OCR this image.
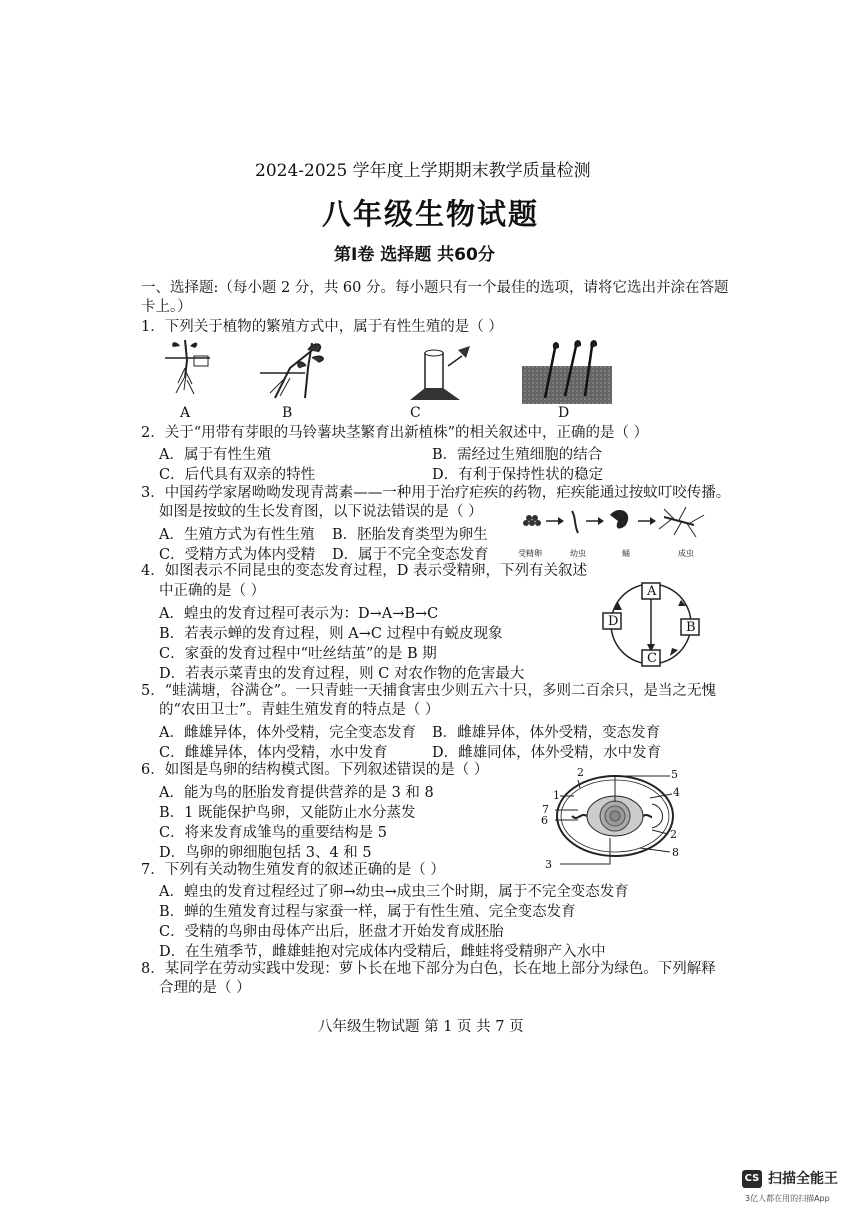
2024-2025 学年度上学期期末教学质量检测
八年级生物试题
第Ⅰ卷 选择题 共60分
一、选择题:（每小题 2 分，共 60 分。每小题只有一个最佳的选项，请将它选出并涂在答题
卡上。）
1．下列关于植物的繁殖方式中，属于有性生殖的是（ ）
A	B	C	D
2．关于“用带有芽眼的马铃薯块茎繁育出新植株”的相关叙述中，正确的是（ ）
A．属于有性生殖	B．需经过生殖细胞的结合
C．后代具有双亲的特性	D．有利于保持性状的稳定
3．中国药学家屠呦呦发现青蒿素——一种用于治疗疟疾的药物，疟疾能通过按蚊叮咬传播。
如图是按蚊的生长发育图，以下说法错误的是（ ）
A．生殖方式为有性生殖 B．胚胎发育类型为卵生
C．受精方式为体内受精 D．属于不完全变态发育	受精卵	幼虫	蛹	成虫
4．如图表示不同昆虫的变态发育过程，D 表示受精卵，下列有关叙述
中正确的是（ ）
A．蝗虫的发育过程可表示为：D→A→B→C
B．若表示蝉的发育过程，则 A→C 过程中有蜕皮现象
C．家蚕的发育过程中“吐丝结茧”的是 B 期
D．若表示菜青虫的发育过程，则 C 对农作物的危害最大
A
B
C
D
5．“蛙满塘，谷满仓”。一只青蛙一天捕食害虫少则五六十只，多则二百余只，是当之无愧
的“农田卫士”。青蛙生殖发育的特点是（ ）
A．雌雄异体，体外受精，完全变态发育 B．雌雄异体，体外受精，变态发育
C．雌雄异体，体内受精，水中发育	D．雌雄同体，体外受精，水中发育
6．如图是鸟卵的结构模式图。下列叙述错误的是（ ）
A．能为鸟的胚胎发育提供营养的是 3 和 8
B．1 既能保护鸟卵，又能防止水分蒸发
C．将来发育成雏鸟的重要结构是 5
D．鸟卵的卵细胞包括 3、4 和 5
2	5
4
1
7
6
2
8
3
7．下列有关动物生殖发育的叙述正确的是（ ）
A．蝗虫的发育过程经过了卵→幼虫→成虫三个时期，属于不完全变态发育
B．蝉的生殖发育过程与家蚕一样，属于有性生殖、完全变态发育
C．受精的鸟卵由母体产出后，胚盘才开始发育成胚胎
D．在生殖季节，雌雄蛙抱对完成体内受精后，雌蛙将受精卵产入水中
8．某同学在劳动实践中发现：萝卜长在地下部分为白色，长在地上部分为绿色。下列解释
合理的是（ ）
八年级生物试题 第 1 页 共 7 页
CS 扫描全能王
3亿人都在用的扫描App
